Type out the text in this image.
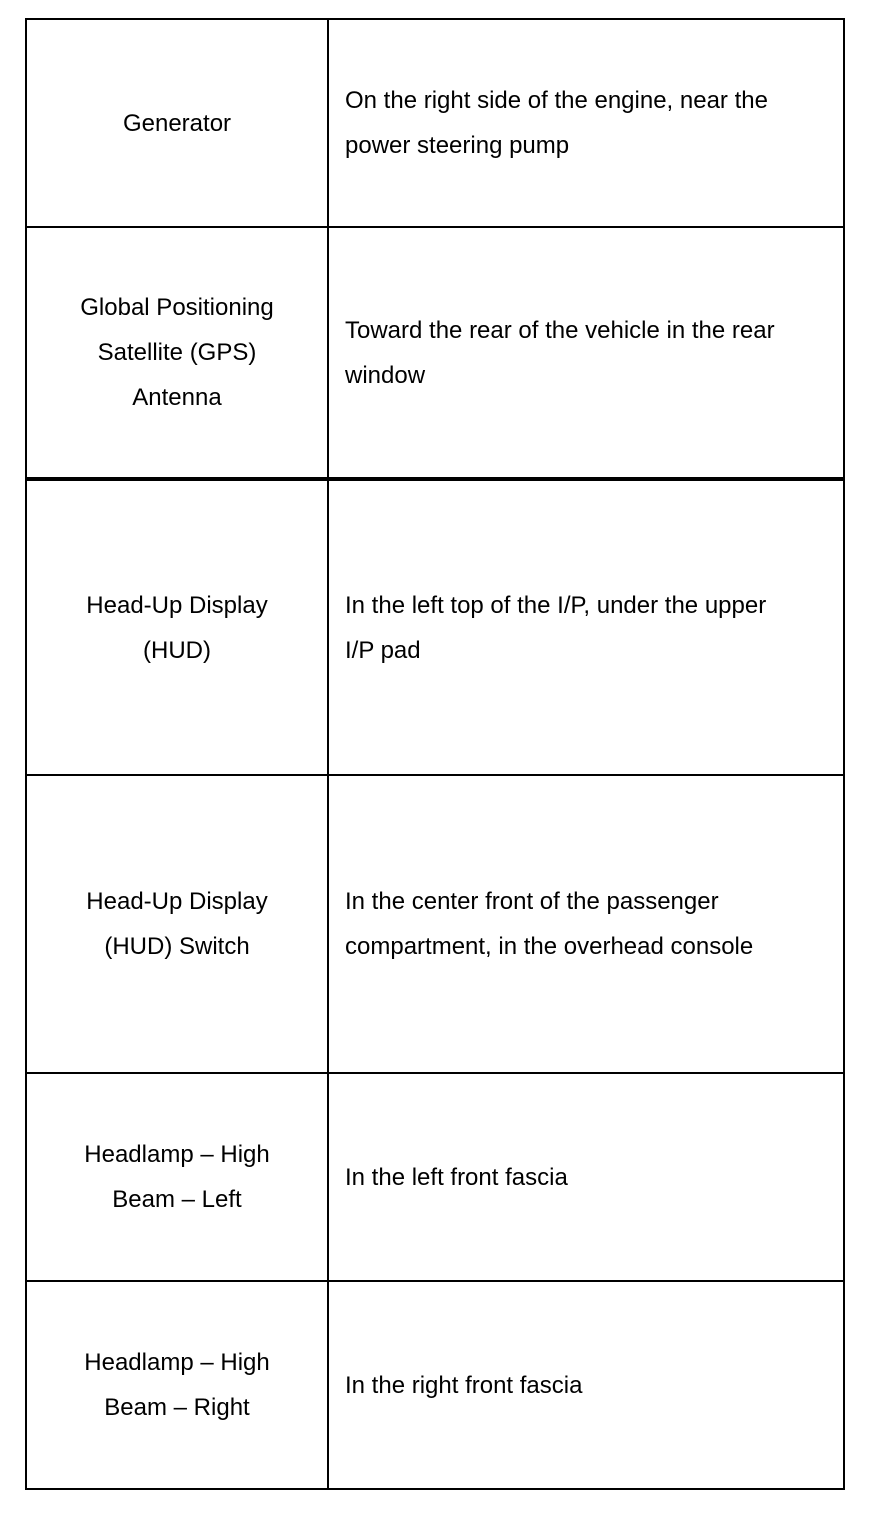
Generator	On the right side of the engine, near the power steering pump

Global Positioning Satellite (GPS) Antenna	Toward the rear of the vehicle in the rear window

Head-Up Display (HUD)	In the left top of the I/P, under the upper I/P pad

Head-Up Display (HUD) Switch	In the center front of the passenger compartment, in the overhead console

Headlamp – High Beam – Left	In the left front fascia

Headlamp – High Beam – Right	In the right front fascia
